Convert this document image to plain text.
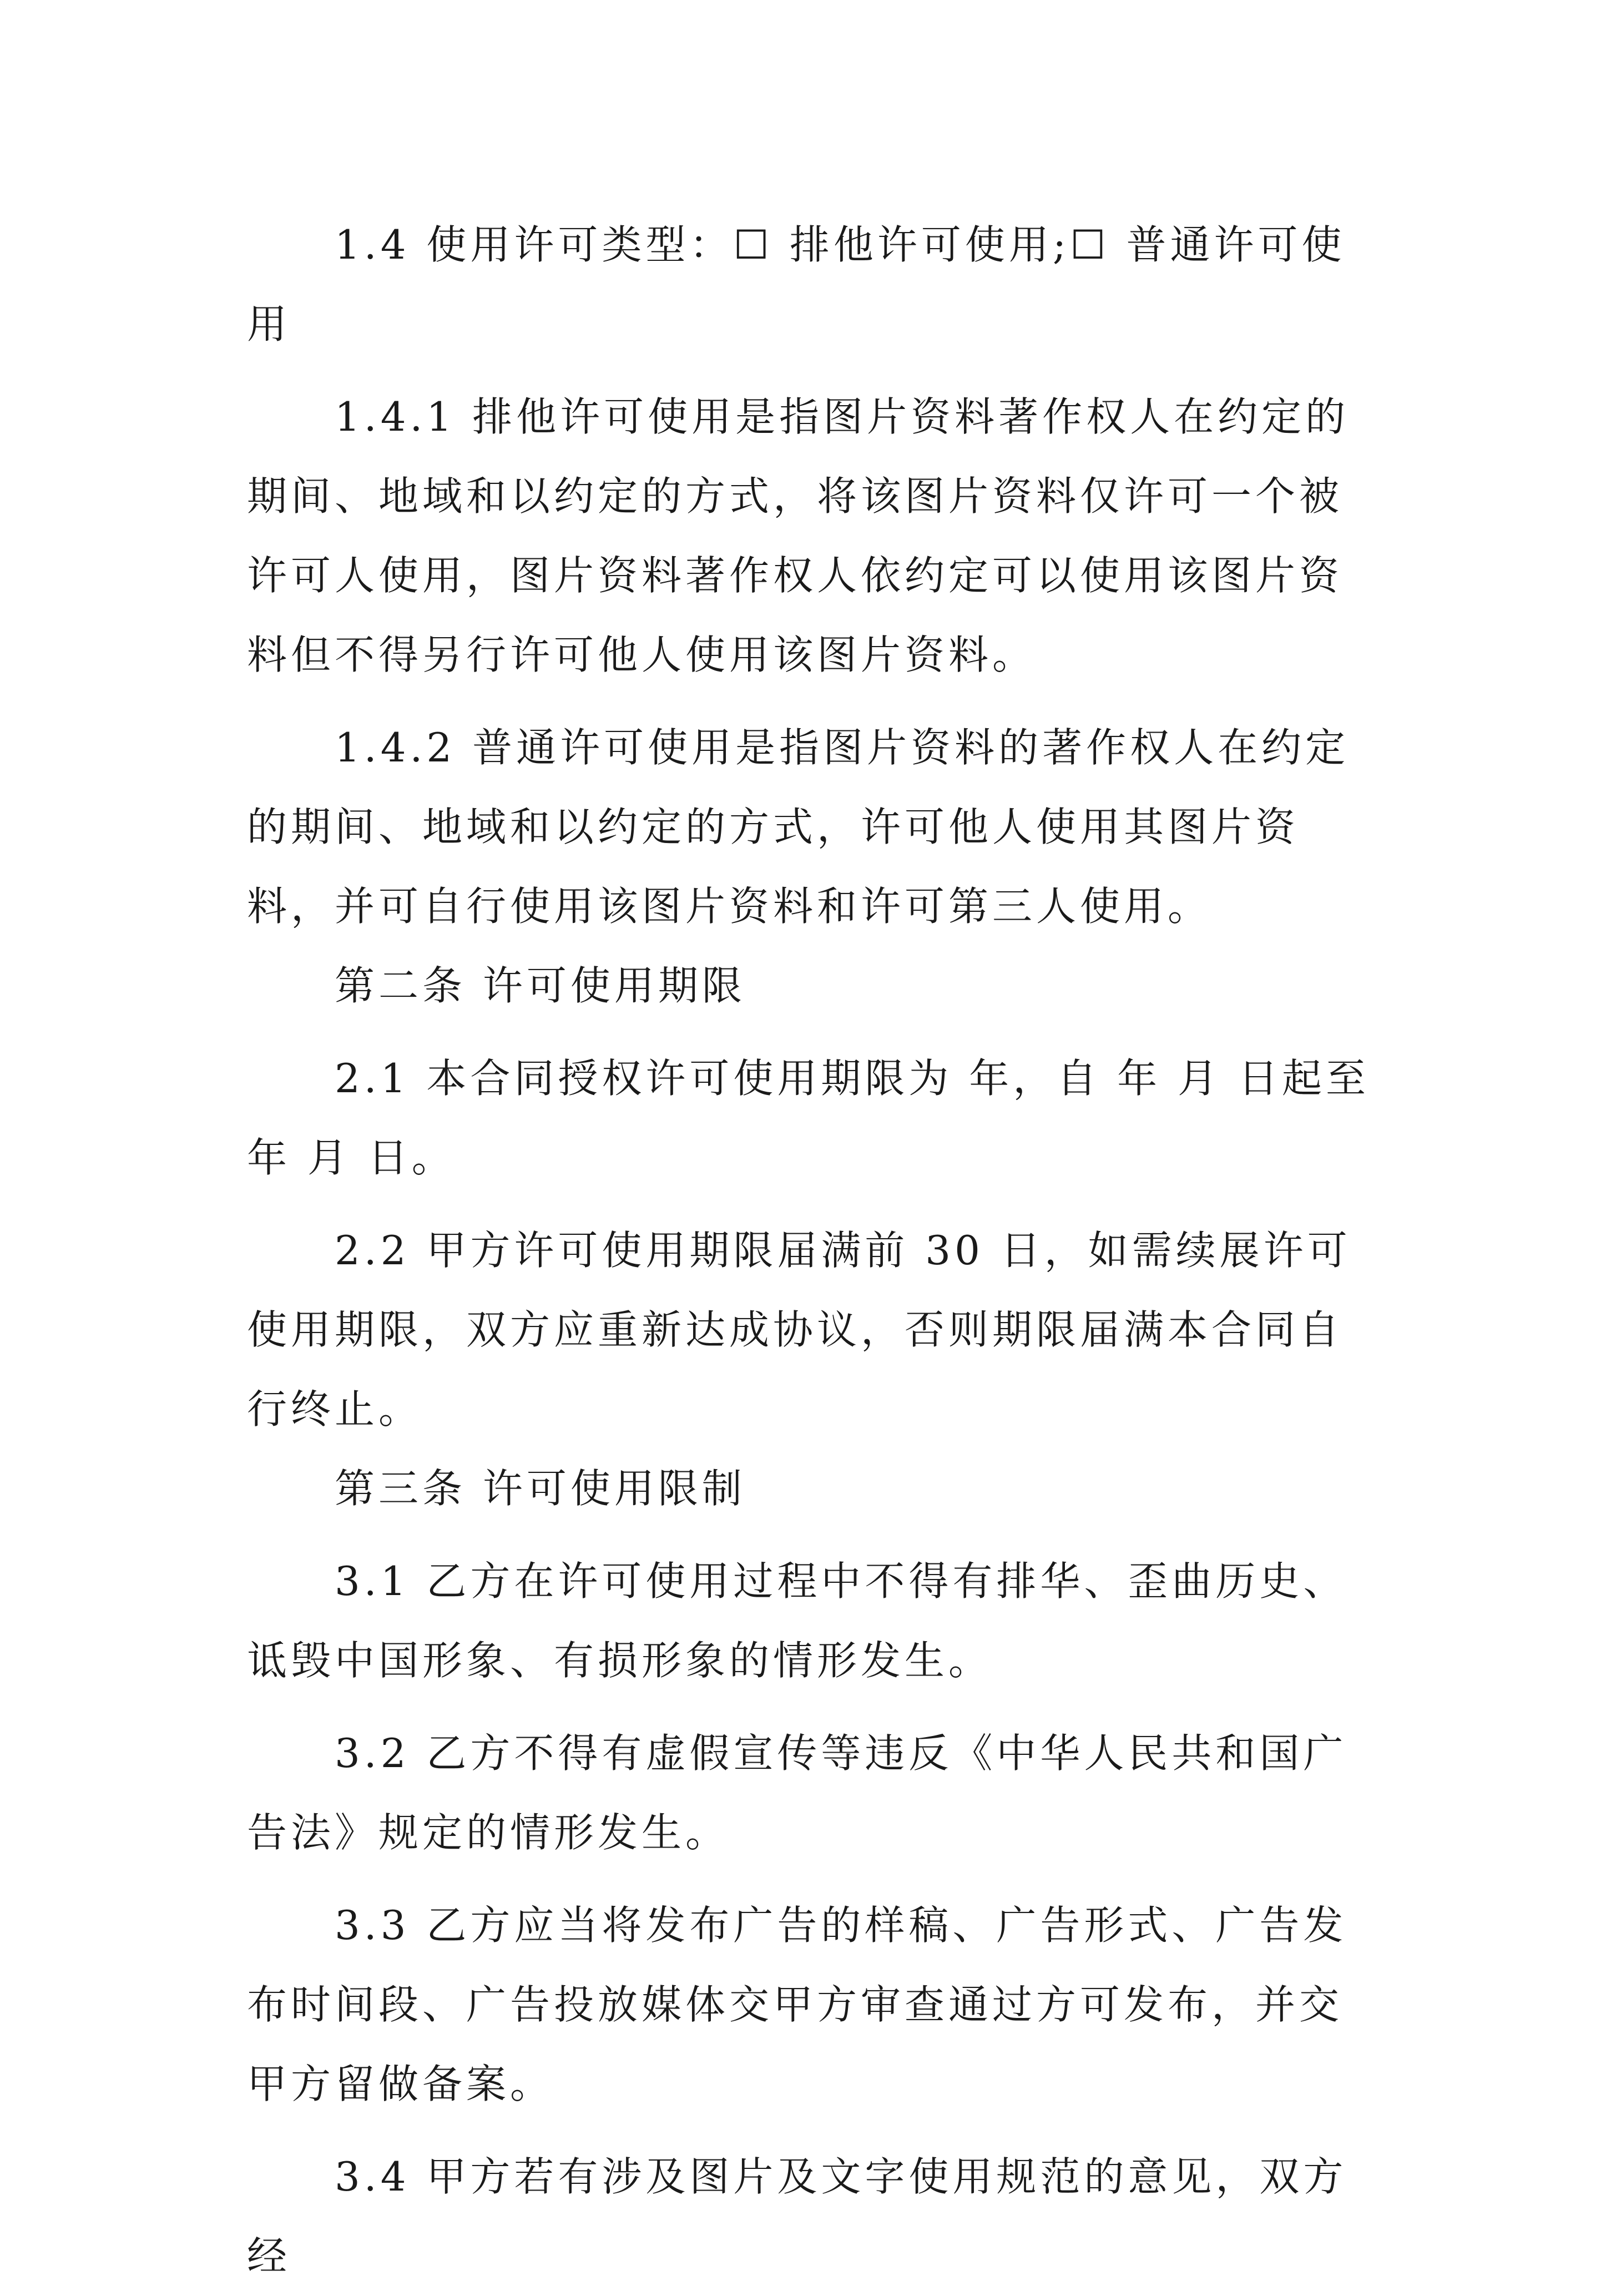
1.4 使用许可类型：☐ 排他许可使用;☐ 普通许可使用

1.4.1 排他许可使用是指图片资料著作权人在约定的期间、地域和以约定的方式，将该图片资料仅许可一个被许可人使用，图片资料著作权人依约定可以使用该图片资料但不得另行许可他人使用该图片资料。

1.4.2 普通许可使用是指图片资料的著作权人在约定的期间、地域和以约定的方式，许可他人使用其图片资料，并可自行使用该图片资料和许可第三人使用。

第二条 许可使用期限

2.1 本合同授权许可使用期限为 年，自 年 月 日起至年 月 日。

2.2 甲方许可使用期限届满前 30 日，如需续展许可使用期限，双方应重新达成协议，否则期限届满本合同自行终止。

第三条 许可使用限制

3.1 乙方在许可使用过程中不得有排华、歪曲历史、诋毁中国形象、有损形象的情形发生。

3.2 乙方不得有虚假宣传等违反《中华人民共和国广告法》规定的情形发生。

3.3 乙方应当将发布广告的样稿、广告形式、广告发布时间段、广告投放媒体交甲方审查通过方可发布，并交甲方留做备案。

3.4 甲方若有涉及图片及文字使用规范的意见，双方经
